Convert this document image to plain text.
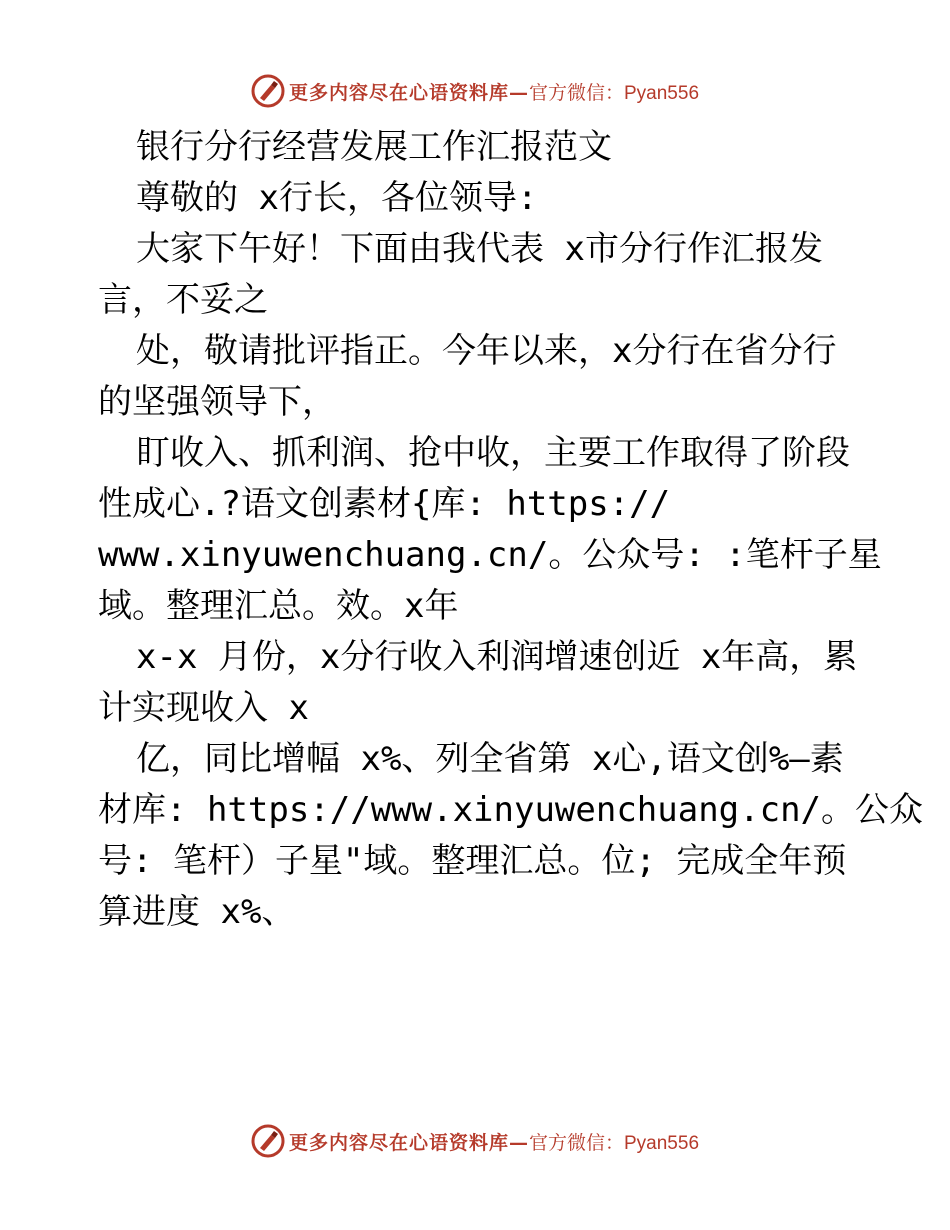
更多内容尽在心语资料库— 官方微信：Pyan556
银行分行经营发展工作汇报范文
尊敬的 x行长，各位领导:
大家下午好！下面由我代表 x市分行作汇报发
言，不妥之
处，敬请批评指正。今年以来，x分行在省分行
的坚强领导下，
盯收入、抓利润、抢中收，主要工作取得了阶段
性成心.?语文创素材{库: https://
www.xinyuwenchuang.cn/。公众号: :笔杆子星
域。整理汇总。效。x年
x-x 月份，x分行收入利润增速创近 x年高，累
计实现收入 x
亿，同比增幅 x%、列全省第 x心,语文创%—素
材库: https://www.xinyuwenchuang.cn/。公众
号: 笔杆）子星"域。整理汇总。位; 完成全年预
算进度 x%、
更多内容尽在心语资料库— 官方微信：Pyan556
